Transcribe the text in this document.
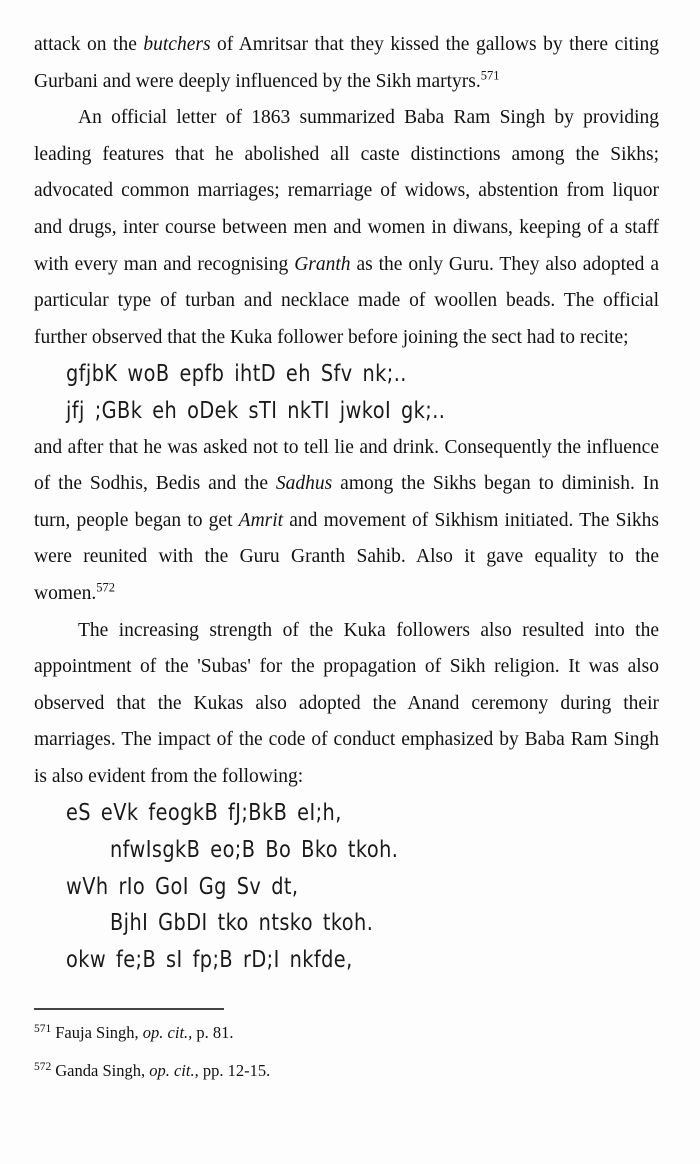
attack on the butchers of Amritsar that they kissed the gallows by there citing Gurbani and were deeply influenced by the Sikh martyrs.$^{571}$

An official letter of 1863 summarized Baba Ram Singh by providing leading features that he abolished all caste distinctions among the Sikhs; advocated common marriages; remarriage of widows, abstention from liquor and drugs, inter course between men and women in diwans, keeping of a staff with every man and recognising Granth as the only Guru. They also adopted a particular type of turban and necklace made of woollen beads. The official further observed that the Kuka follower before joining the sect had to recite;

gfjbK woB epfb ihtD eh Sfv nk;..
jfj ;GBk eh oDek sTI nkTI jwkoI gk;..

and after that he was asked not to tell lie and drink. Consequently the influence of the Sodhis, Bedis and the Sadhus among the Sikhs began to diminish. In turn, people began to get Amrit and movement of Sikhism initiated. The Sikhs were reunited with the Guru Granth Sahib. Also it gave equality to the women.$^{572}$

The increasing strength of the Kuka followers also resulted into the appointment of the 'Subas' for the propagation of Sikh religion. It was also observed that the Kukas also adopted the Anand ceremony during their marriages. The impact of the code of conduct emphasized by Baba Ram Singh is also evident from the following:

eS eVk feogkB fJ;BkB eI;h,
nfwIsgkB eo;B Bo Bko tkoh.
wVh rIo GoI Gg Sv dt,
BjhI GbDI tko ntsko tkoh.
okw fe;B sI fp;B rD;I nkfde,

$^{571}$ Fauja Singh, op. cit., p. 81.

$^{572}$ Ganda Singh, op. cit., pp. 12-15.
